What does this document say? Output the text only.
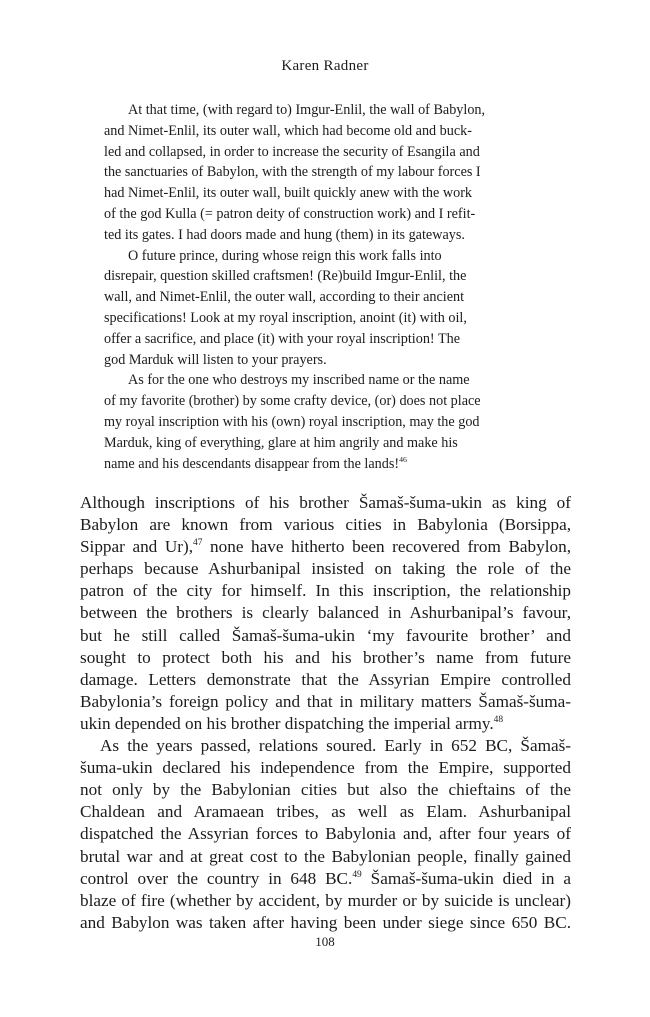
Karen Radner
At that time, (with regard to) Imgur-Enlil, the wall of Babylon,
and Nimet-Enlil, its outer wall, which had become old and buck-
led and collapsed, in order to increase the security of Esangila and
the sanctuaries of Babylon, with the strength of my labour forces I
had Nimet-Enlil, its outer wall, built quickly anew with the work
of the god Kulla (= patron deity of construction work) and I refit-
ted its gates. I had doors made and hung (them) in its gateways.
O future prince, during whose reign this work falls into
disrepair, question skilled craftsmen! (Re)build Imgur-Enlil, the
wall, and Nimet-Enlil, the outer wall, according to their ancient
specifications! Look at my royal inscription, anoint (it) with oil,
offer a sacrifice, and place (it) with your royal inscription! The
god Marduk will listen to your prayers.
As for the one who destroys my inscribed name or the name
of my favorite (brother) by some crafty device, (or) does not place
my royal inscription with his (own) royal inscription, may the god
Marduk, king of everything, glare at him angrily and make his
name and his descendants disappear from the lands!$^{46}$
Although inscriptions of his brother Šamaš-šuma-ukin as king of
Babylon are known from various cities in Babylonia (Borsippa,
Sippar and Ur),$^{47}$ none have hitherto been recovered from Babylon,
perhaps because Ashurbanipal insisted on taking the role of the
patron of the city for himself. In this inscription, the relationship
between the brothers is clearly balanced in Ashurbanipal’s favour,
but he still called Šamaš-šuma-ukin ‘my favourite brother’ and
sought to protect both his and his brother’s name from future
damage. Letters demonstrate that the Assyrian Empire controlled
Babylonia’s foreign policy and that in military matters Šamaš-šuma-
ukin depended on his brother dispatching the imperial army.$^{48}$
As the years passed, relations soured. Early in 652 BC, Šamaš-
šuma-ukin declared his independence from the Empire, supported
not only by the Babylonian cities but also the chieftains of the
Chaldean and Aramaean tribes, as well as Elam. Ashurbanipal
dispatched the Assyrian forces to Babylonia and, after four years of
brutal war and at great cost to the Babylonian people, finally gained
control over the country in 648 BC.$^{49}$ Šamaš-šuma-ukin died in a
blaze of fire (whether by accident, by murder or by suicide is unclear)
and Babylon was taken after having been under siege since 650 BC.
108
